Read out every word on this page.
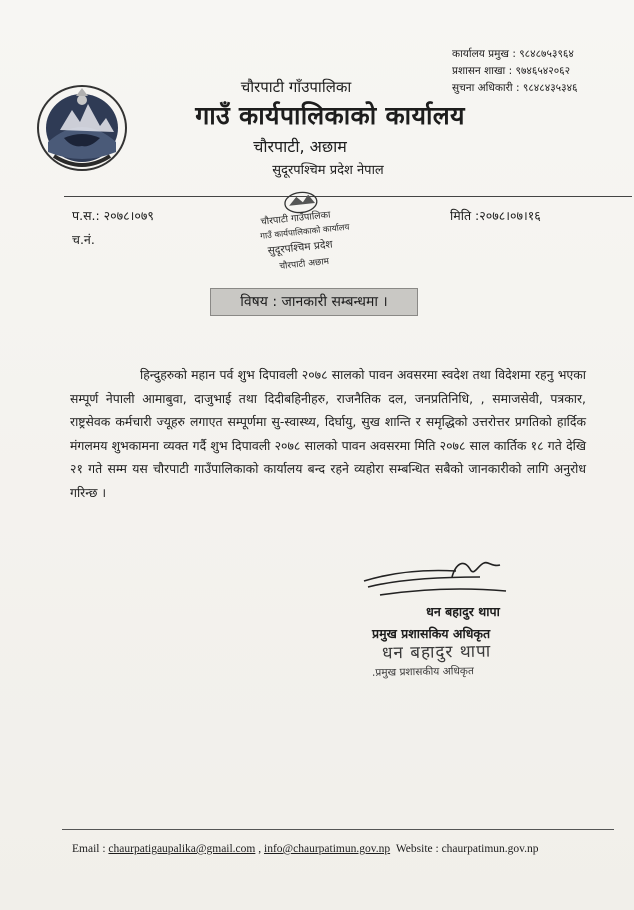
कार्यालय प्रमुख : ९८४८७५३९६४
प्रशासन शाखा : ९७४६५४२०६२
सुचना अधिकारी : ९८४८४३५३४६
चौरपाटी गाँउपालिका
गाउँ कार्यपालिकाको कार्यालय
चौरपाटी, अछाम
सुदूरपश्चिम प्रदेश नेपाल
प.स.: २०७८।०७९
च.नं.
मिति :२०७८।०७।१६
चौरपाटी गाउँपालिका
गाउँ कार्यपालिकाको कार्यालय
सुदूरपश्चिम प्रदेश
चौरपाटी अछाम
विषय : जानकारी सम्बन्धमा ।
हिन्दुहरुको महान पर्व शुभ दिपावली २०७८ सालको पावन अवसरमा स्वदेश तथा विदेशमा रहनु भएका सम्पूर्ण नेपाली आमाबुवा, दाजुभाई तथा दिदीबहिनीहरु, राजनैतिक दल, जनप्रतिनिधि, , समाजसेवी, पत्रकार, राष्ट्रसेवक कर्मचारी ज्यूहरु लगाएत सम्पूर्णमा सु-स्वास्थ्य, दिर्घायु, सुख शान्ति र समृद्धिको उत्तरोत्तर प्रगतिको हार्दिक मंगलमय शुभकामना व्यक्त गर्दै शुभ दिपावली २०७८ सालको पावन अवसरमा मिति २०७८ साल कार्तिक १८ गते देखि २१ गते सम्म यस चौरपाटी गाउँपालिकाको कार्यालय बन्द रहने व्यहोरा सम्बन्धित सबैको जानकारीको लागि अनुरोध गरिन्छ ।
धन बहादुर थापा
प्रमुख प्रशासकिय अधिकृत
धन बहादुर थापा
.प्रमुख प्रशासकीय अधिकृत
Email : chaurpatigaupalika@gmail.com , info@chaurpatimun.gov.np Website : chaurpatimun.gov.np
